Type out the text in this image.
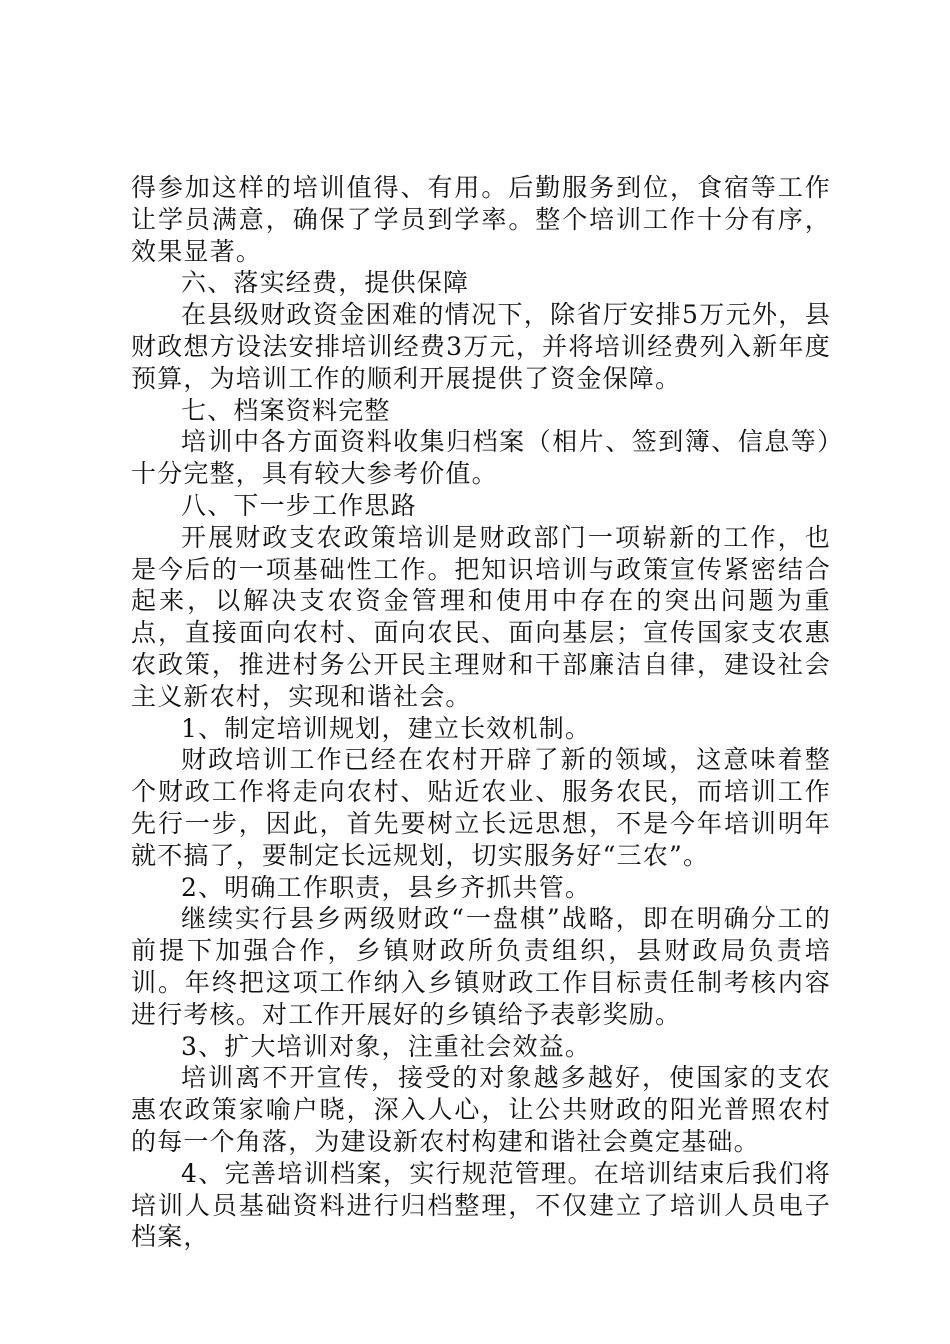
得参加这样的培训值得、有用。后勤服务到位，食宿等工作让学员满意，确保了学员到学率。整个培训工作十分有序，效果显著。

六、落实经费，提供保障

在县级财政资金困难的情况下，除省厅安排5万元外，县财政想方设法安排培训经费3万元，并将培训经费列入新年度预算，为培训工作的顺利开展提供了资金保障。

七、档案资料完整

培训中各方面资料收集归档案（相片、签到簿、信息等）十分完整，具有较大参考价值。

八、下一步工作思路

开展财政支农政策培训是财政部门一项崭新的工作，也是今后的一项基础性工作。把知识培训与政策宣传紧密结合起来，以解决支农资金管理和使用中存在的突出问题为重点，直接面向农村、面向农民、面向基层；宣传国家支农惠农政策，推进村务公开民主理财和干部廉洁自律，建设社会主义新农村，实现和谐社会。

1、制定培训规划，建立长效机制。

财政培训工作已经在农村开辟了新的领域，这意味着整个财政工作将走向农村、贴近农业、服务农民，而培训工作先行一步，因此，首先要树立长远思想，不是今年培训明年就不搞了，要制定长远规划，切实服务好“三农”。

2、明确工作职责，县乡齐抓共管。

继续实行县乡两级财政“一盘棋”战略，即在明确分工的前提下加强合作，乡镇财政所负责组织，县财政局负责培训。年终把这项工作纳入乡镇财政工作目标责任制考核内容进行考核。对工作开展好的乡镇给予表彰奖励。

3、扩大培训对象，注重社会效益。

培训离不开宣传，接受的对象越多越好，使国家的支农惠农政策家喻户晓，深入人心，让公共财政的阳光普照农村的每一个角落，为建设新农村构建和谐社会奠定基础。

4、完善培训档案，实行规范管理。在培训结束后我们将培训人员基础资料进行归档整理，不仅建立了培训人员电子档案，
